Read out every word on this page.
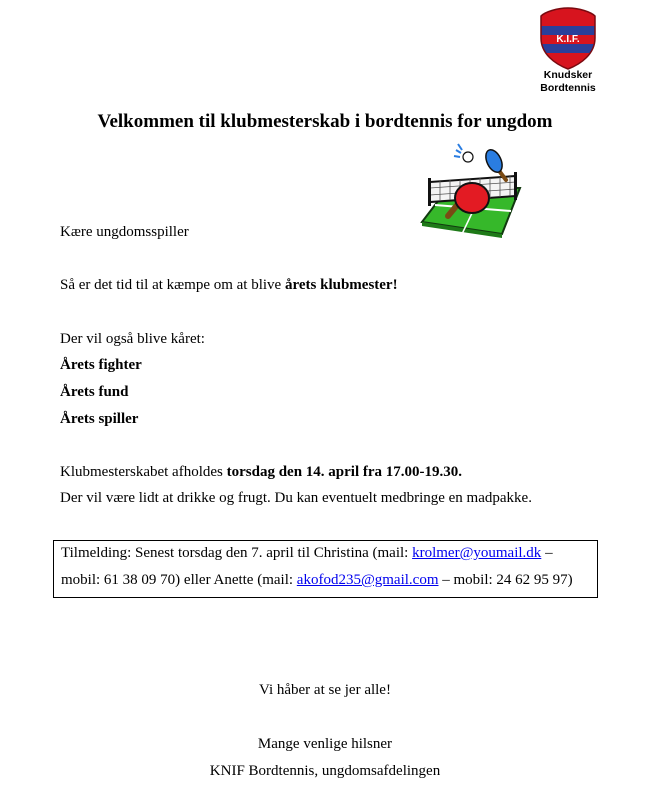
K.I.F.
Knudsker
Bordtennis
Velkommen til klubmesterskab i bordtennis for ungdom
Kære ungdomsspiller
Så er det tid til at kæmpe om at blive årets klubmester!
Der vil også blive kåret:
Årets fighter
Årets fund
Årets spiller
Klubmesterskabet afholdes torsdag den 14. april fra 17.00-19.30.
Der vil være lidt at drikke og frugt. Du kan eventuelt medbringe en madpakke.
Tilmelding: Senest torsdag den 7. april til Christina (mail: krolmer@youmail.dk –
mobil: 61 38 09 70) eller Anette (mail: akofod235@gmail.com – mobil: 24 62 95 97)
Vi håber at se jer alle!
Mange venlige hilsner
KNIF Bordtennis, ungdomsafdelingen
